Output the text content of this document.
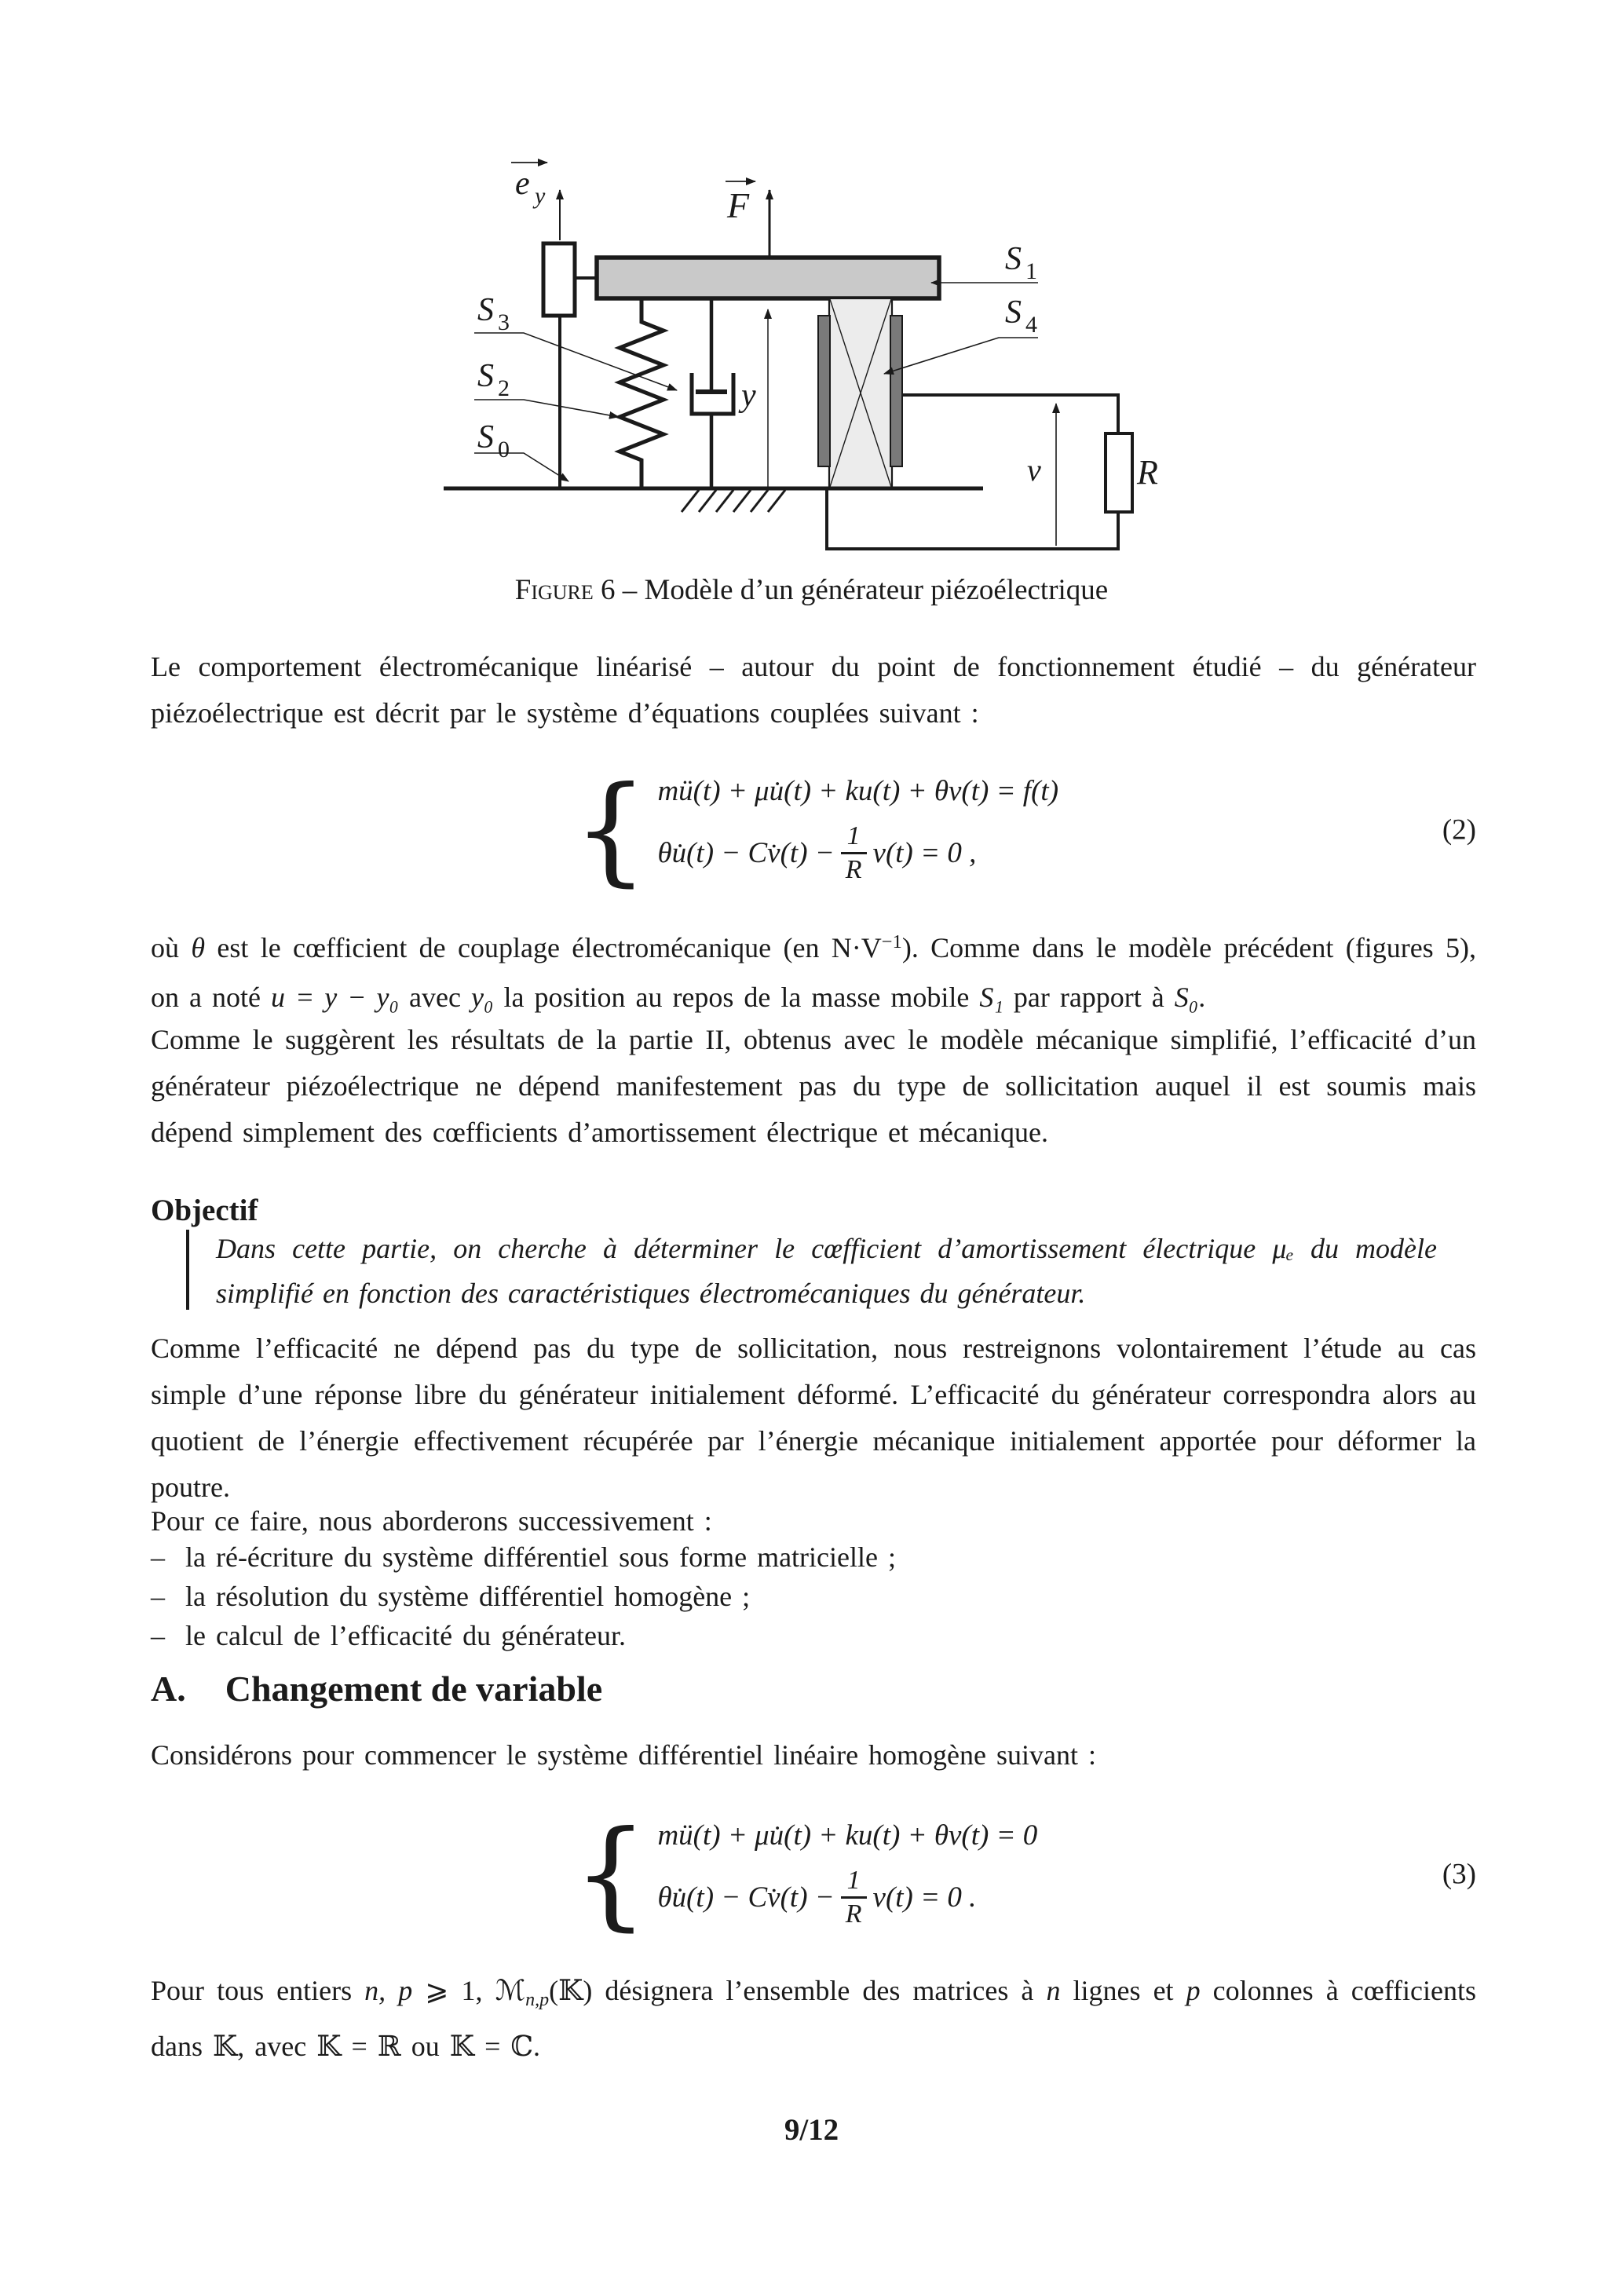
e y	F
S 1
S 4
S 3
S 2
S 0
y
v	R
Figure 6 – Modèle d’un générateur piézoélectrique
Le comportement électromécanique linéarisé – autour du point de fonctionnement étudié – du générateur piézoélectrique est décrit par le système d’équations couplées suivant :
{ mü(t) + μu̇(t) + ku(t) + θv(t) = f(t)
θu̇(t) − Cv̇(t) − $\frac{1}{R} v(t) = 0$ ,
(2)
où θ est le cœfficient de couplage électromécanique (en $N\cdot V^{-1}$). Comme dans le modèle précédent (figures 5), on a noté u = y − y₀ avec y₀ la position au repos de la masse mobile S₁ par rapport à S₀.
Comme le suggèrent les résultats de la partie II, obtenus avec le modèle mécanique simplifié, l’efficacité d’un générateur piézoélectrique ne dépend manifestement pas du type de sollicitation auquel il est soumis mais dépend simplement des cœfficients d’amortissement électrique et mécanique.
Objectif
Dans cette partie, on cherche à déterminer le cœfficient d’amortissement électrique μₑ du modèle simplifié en fonction des caractéristiques électromécaniques du générateur.
Comme l’efficacité ne dépend pas du type de sollicitation, nous restreignons volontairement l’étude au cas simple d’une réponse libre du générateur initialement déformé. L’efficacité du générateur correspondra alors au quotient de l’énergie effectivement récupérée par l’énergie mécanique initialement apportée pour déformer la poutre.
Pour ce faire, nous aborderons successivement :
– la ré-écriture du système différentiel sous forme matricielle ;
– la résolution du système différentiel homogène ;
– le calcul de l’efficacité du générateur.
A. Changement de variable
Considérons pour commencer le système différentiel linéaire homogène suivant :
{ mü(t) + μu̇(t) + ku(t) + θv(t) = 0
θu̇(t) − Cv̇(t) − $\frac{1}{R} v(t) = 0$ .
(3)
Pour tous entiers n, p ⩾ 1, ℳn,p(𝕂) désignera l’ensemble des matrices à n lignes et p colonnes à cœfficients dans 𝕂, avec 𝕂 = ℝ ou 𝕂 = ℂ.
9/12
